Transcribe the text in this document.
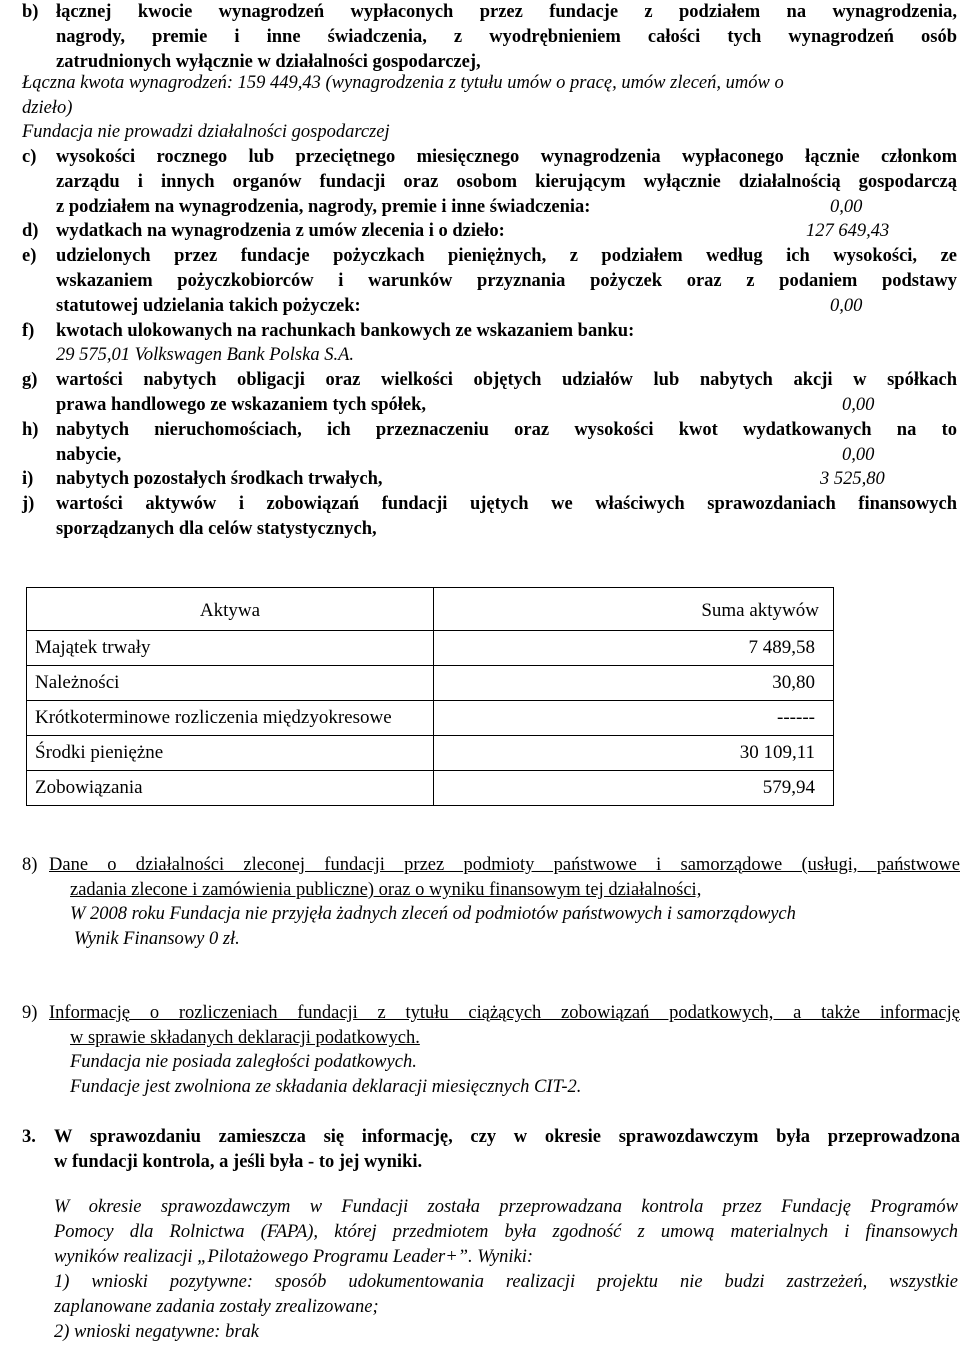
b) łącznej kwocie wynagrodzeń wypłaconych przez fundacje z podziałem na wynagrodzenia,
nagrody, premie i inne świadczenia, z wyodrębnieniem całości tych wynagrodzeń osób
zatrudnionych wyłącznie w działalności gospodarczej,
Łączna kwota wynagrodzeń: 159 449,43 (wynagrodzenia z tytułu umów o pracę, umów zleceń, umów o
dzieło)
Fundacja nie prowadzi działalności gospodarczej
c)	wysokości rocznego lub przeciętnego miesięcznego wynagrodzenia wypłaconego łącznie członkom
zarządu i innych organów fundacji oraz osobom kierującym wyłącznie działalnością gospodarczą
z podziałem na wynagrodzenia, nagrody, premie i inne świadczenia:	0,00
d) wydatkach na wynagrodzenia z umów zlecenia i o dzieło:	127 649,43
e)	udzielonych przez fundacje pożyczkach pieniężnych, z podziałem według ich wysokości, ze
wskazaniem pożyczkobiorców i warunków przyznania pożyczek oraz z podaniem podstawy
statutowej udzielania takich pożyczek:	0,00
f)	kwotach ulokowanych na rachunkach bankowych ze wskazaniem banku:
29 575,01 Volkswagen Bank Polska S.A.
g)	wartości nabytych obligacji oraz wielkości objętych udziałów lub nabytych akcji w spółkach
prawa handlowego ze wskazaniem tych spółek,	0,00
h) nabytych nieruchomościach, ich przeznaczeniu oraz wysokości kwot wydatkowanych na to
nabycie,	0,00
i)	nabytych pozostałych środkach trwałych,	3 525,80
j)	wartości aktywów i zobowiązań fundacji ujętych we właściwych sprawozdaniach finansowych
sporządzanych dla celów statystycznych,
Aktywa	Suma aktywów
Majątek trwały	7 489,58
Należności	30,80
Krótkoterminowe rozliczenia międzyokresowe	------
Środki pieniężne	30 109,11
Zobowiązania	579,94
8) Dane o działalności zleconej fundacji przez podmioty państwowe i samorządowe (usługi, państwowe
zadania zlecone i zamówienia publiczne) oraz o wyniku finansowym tej działalności,
W 2008 roku Fundacja nie przyjęła żadnych zleceń od podmiotów państwowych i samorządowych
Wynik Finansowy 0 zł.
9) Informację o rozliczeniach fundacji z tytułu ciążących zobowiązań podatkowych, a także informację
w sprawie składanych deklaracji podatkowych.
Fundacja nie posiada zaległości podatkowych.
Fundacje jest zwolniona ze składania deklaracji miesięcznych CIT-2.
3. W sprawozdaniu zamieszcza się informację, czy w okresie sprawozdawczym była przeprowadzona
w fundacji kontrola, a jeśli była - to jej wyniki.
W okresie sprawozdawczym w Fundacji została przeprowadzana kontrola przez Fundację Programów
Pomocy dla Rolnictwa (FAPA), której przedmiotem była zgodność z umową materialnych i finansowych
wyników realizacji „Pilotażowego Programu Leader+”. Wyniki:
1) wnioski pozytywne: sposób udokumentowania realizacji projektu nie budzi zastrzeżeń, wszystkie
zaplanowane zadania zostały zrealizowane;
2) wnioski negatywne: brak
